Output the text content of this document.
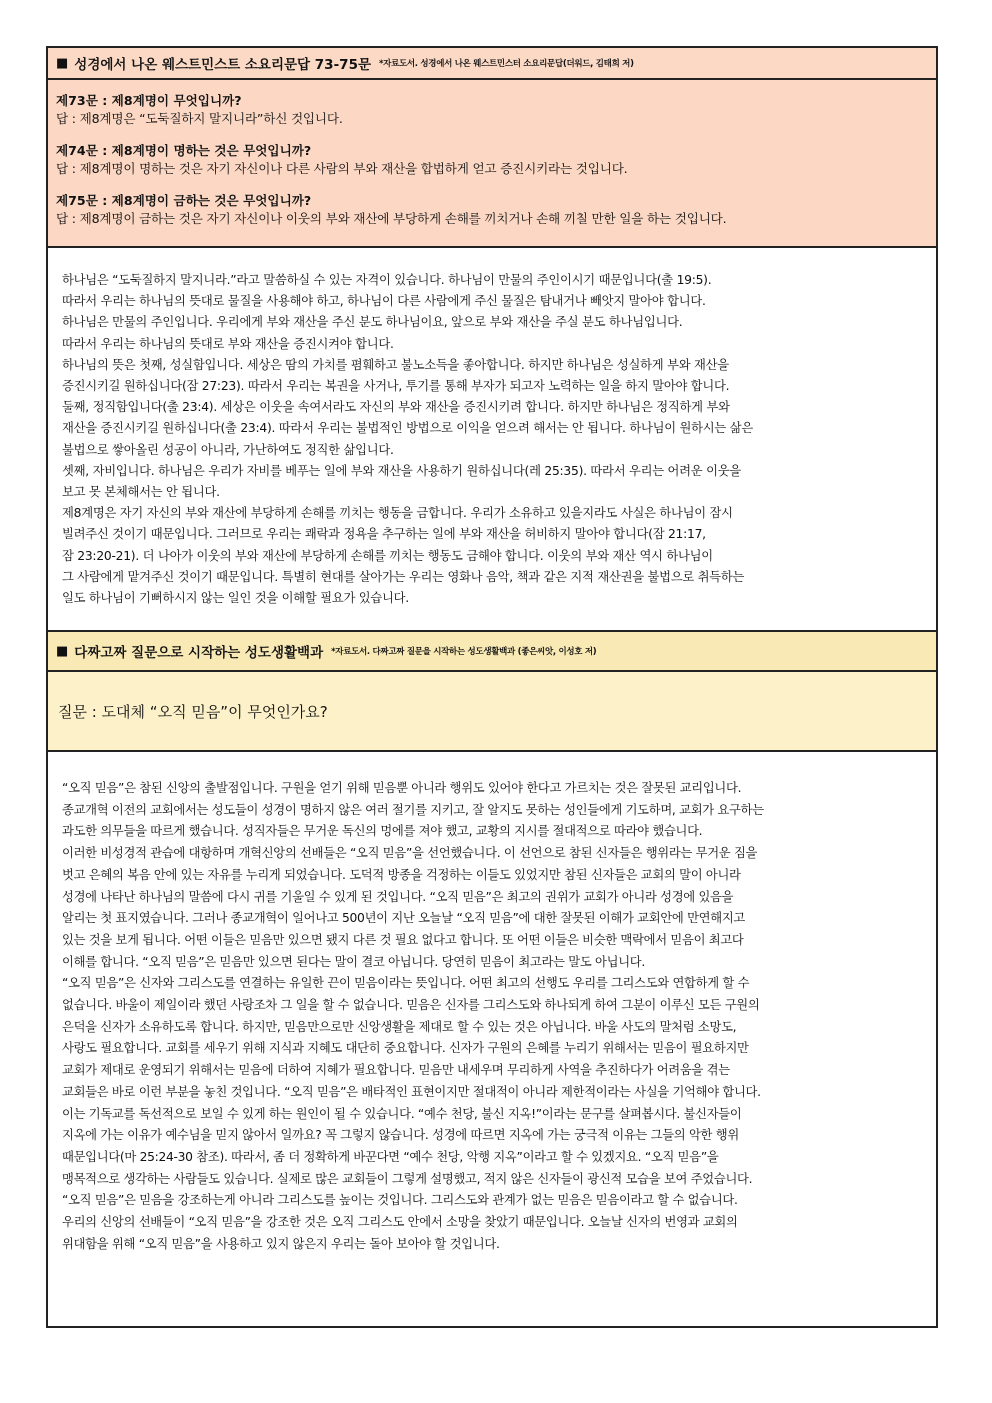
■ 성경에서 나온 웨스트민스트 소요리문답 73-75문 *자료도서. 성경에서 나온 웨스트민스터 소요리문답(더워드, 김태희 저)

제73문 : 제8계명이 무엇입니까?

답 : 제8계명은 “도둑질하지 말지니라”하신 것입니다.

제74문 : 제8계명이 명하는 것은 무엇입니까?

답 : 제8계명이 명하는 것은 자기 자신이나 다른 사람의 부와 재산을 합법하게 얻고 증진시키라는 것입니다.

제75문 : 제8계명이 금하는 것은 무엇입니까?

답 : 제8계명이 금하는 것은 자기 자신이나 이웃의 부와 재산에 부당하게 손해를 끼치거나 손해 끼칠 만한 일을 하는 것입니다.

하나님은 “도둑질하지 말지니라.”라고 말씀하실 수 있는 자격이 있습니다. 하나님이 만물의 주인이시기 때문입니다(출 19:5).

따라서 우리는 하나님의 뜻대로 물질을 사용해야 하고, 하나님이 다른 사람에게 주신 물질은 탐내거나 빼앗지 말아야 합니다.

하나님은 만물의 주인입니다. 우리에게 부와 재산을 주신 분도 하나님이요, 앞으로 부와 재산을 주실 분도 하나님입니다.

따라서 우리는 하나님의 뜻대로 부와 재산을 증진시켜야 합니다.

하나님의 뜻은 첫째, 성실함입니다. 세상은 땀의 가치를 폄훼하고 불노소득을 좋아합니다. 하지만 하나님은 성실하게 부와 재산을

증진시키길 원하십니다(잠 27:23). 따라서 우리는 복권을 사거나, 투기를 통해 부자가 되고자 노력하는 일을 하지 말아야 합니다.

둘째, 정직함입니다(출 23:4). 세상은 이웃을 속여서라도 자신의 부와 재산을 증진시키려 합니다. 하지만 하나님은 정직하게 부와

재산을 증진시키길 원하십니다(출 23:4). 따라서 우리는 불법적인 방법으로 이익을 얻으려 해서는 안 됩니다. 하나님이 원하시는 삶은

불법으로 쌓아올린 성공이 아니라, 가난하여도 정직한 삶입니다.

셋째, 자비입니다. 하나님은 우리가 자비를 베푸는 일에 부와 재산을 사용하기 원하십니다(레 25:35). 따라서 우리는 어려운 이웃을

보고 못 본체해서는 안 됩니다.

제8계명은 자기 자신의 부와 재산에 부당하게 손해를 끼치는 행동을 금합니다. 우리가 소유하고 있을지라도 사실은 하나님이 잠시

빌려주신 것이기 때문입니다. 그러므로 우리는 쾌락과 정욕을 추구하는 일에 부와 재산을 허비하지 말아야 합니다(잠 21:17,

잠 23:20-21). 더 나아가 이웃의 부와 재산에 부당하게 손해를 끼치는 행동도 금해야 합니다. 이웃의 부와 재산 역시 하나님이

그 사람에게 맡겨주신 것이기 때문입니다. 특별히 현대를 살아가는 우리는 영화나 음악, 책과 같은 지적 재산권을 불법으로 취득하는

일도 하나님이 기뻐하시지 않는 일인 것을 이해할 필요가 있습니다.

■ 다짜고짜 질문으로 시작하는 성도생활백과 *자료도서. 다짜고짜 질문을 시작하는 성도생활백과 (좋은씨앗, 이성호 저)
질문 : 도대체 “오직 믿음”이 무엇인가요?

“오직 믿음”은 참된 신앙의 출발점입니다. 구원을 얻기 위해 믿음뿐 아니라 행위도 있어야 한다고 가르치는 것은 잘못된 교리입니다.

종교개혁 이전의 교회에서는 성도들이 성경이 명하지 않은 여러 절기를 지키고, 잘 알지도 못하는 성인들에게 기도하며, 교회가 요구하는

과도한 의무들을 따르게 했습니다. 성직자들은 무거운 독신의 멍에를 져야 했고, 교황의 지시를 절대적으로 따라야 했습니다.

이러한 비성경적 관습에 대항하며 개혁신앙의 선배들은 “오직 믿음”을 선언했습니다. 이 선언으로 참된 신자들은 행위라는 무거운 짐을

벗고 은혜의 복음 안에 있는 자유를 누리게 되었습니다. 도덕적 방종을 걱정하는 이들도 있었지만 참된 신자들은 교회의 말이 아니라

성경에 나타난 하나님의 말씀에 다시 귀를 기울일 수 있게 된 것입니다. “오직 믿음”은 최고의 권위가 교회가 아니라 성경에 있음을

알리는 첫 표지였습니다. 그러나 종교개혁이 일어나고 500년이 지난 오늘날 “오직 믿음”에 대한 잘못된 이해가 교회안에 만연해지고

있는 것을 보게 됩니다. 어떤 이들은 믿음만 있으면 됐지 다른 것 필요 없다고 합니다. 또 어떤 이들은 비슷한 맥락에서 믿음이 최고다

이해를 합니다. “오직 믿음”은 믿음만 있으면 된다는 말이 결코 아닙니다. 당연히 믿음이 최고라는 말도 아닙니다.

“오직 믿음”은 신자와 그리스도를 연결하는 유일한 끈이 믿음이라는 뜻입니다. 어떤 최고의 선행도 우리를 그리스도와 연합하게 할 수

없습니다. 바울이 제일이라 했던 사랑조차 그 일을 할 수 없습니다. 믿음은 신자를 그리스도와 하나되게 하여 그분이 이루신 모든 구원의

은덕을 신자가 소유하도록 합니다. 하지만, 믿음만으로만 신앙생활을 제대로 할 수 있는 것은 아닙니다. 바울 사도의 말처럼 소망도,

사랑도 필요합니다. 교회를 세우기 위해 지식과 지혜도 대단히 중요합니다. 신자가 구원의 은혜를 누리기 위해서는 믿음이 필요하지만

교회가 제대로 운영되기 위해서는 믿음에 더하여 지혜가 필요합니다. 믿음만 내세우며 무리하게 사역을 추진하다가 어려움을 겪는

교회들은 바로 이런 부분을 놓친 것입니다. “오직 믿음”은 배타적인 표현이지만 절대적이 아니라 제한적이라는 사실을 기억해야 합니다.

이는 기독교를 독선적으로 보일 수 있게 하는 원인이 될 수 있습니다. “예수 천당, 불신 지옥!”이라는 문구를 살펴봅시다. 불신자들이

지옥에 가는 이유가 예수님을 믿지 않아서 일까요? 꼭 그렇지 않습니다. 성경에 따르면 지옥에 가는 궁극적 이유는 그들의 악한 행위

때문입니다(마 25:24-30 참조). 따라서, 좀 더 정확하게 바꾼다면 “예수 천당, 악행 지옥”이라고 할 수 있겠지요. “오직 믿음”을

맹목적으로 생각하는 사람들도 있습니다. 실제로 많은 교회들이 그렇게 설명했고, 적지 않은 신자들이 광신적 모습을 보여 주었습니다.

“오직 믿음”은 믿음을 강조하는게 아니라 그리스도를 높이는 것입니다. 그리스도와 관계가 없는 믿음은 믿음이라고 할 수 없습니다.

우리의 신앙의 선배들이 “오직 믿음”을 강조한 것은 오직 그리스도 안에서 소망을 찾았기 때문입니다. 오늘날 신자의 번영과 교회의

위대함을 위해 “오직 믿음”을 사용하고 있지 않은지 우리는 돌아 보아야 할 것입니다.
